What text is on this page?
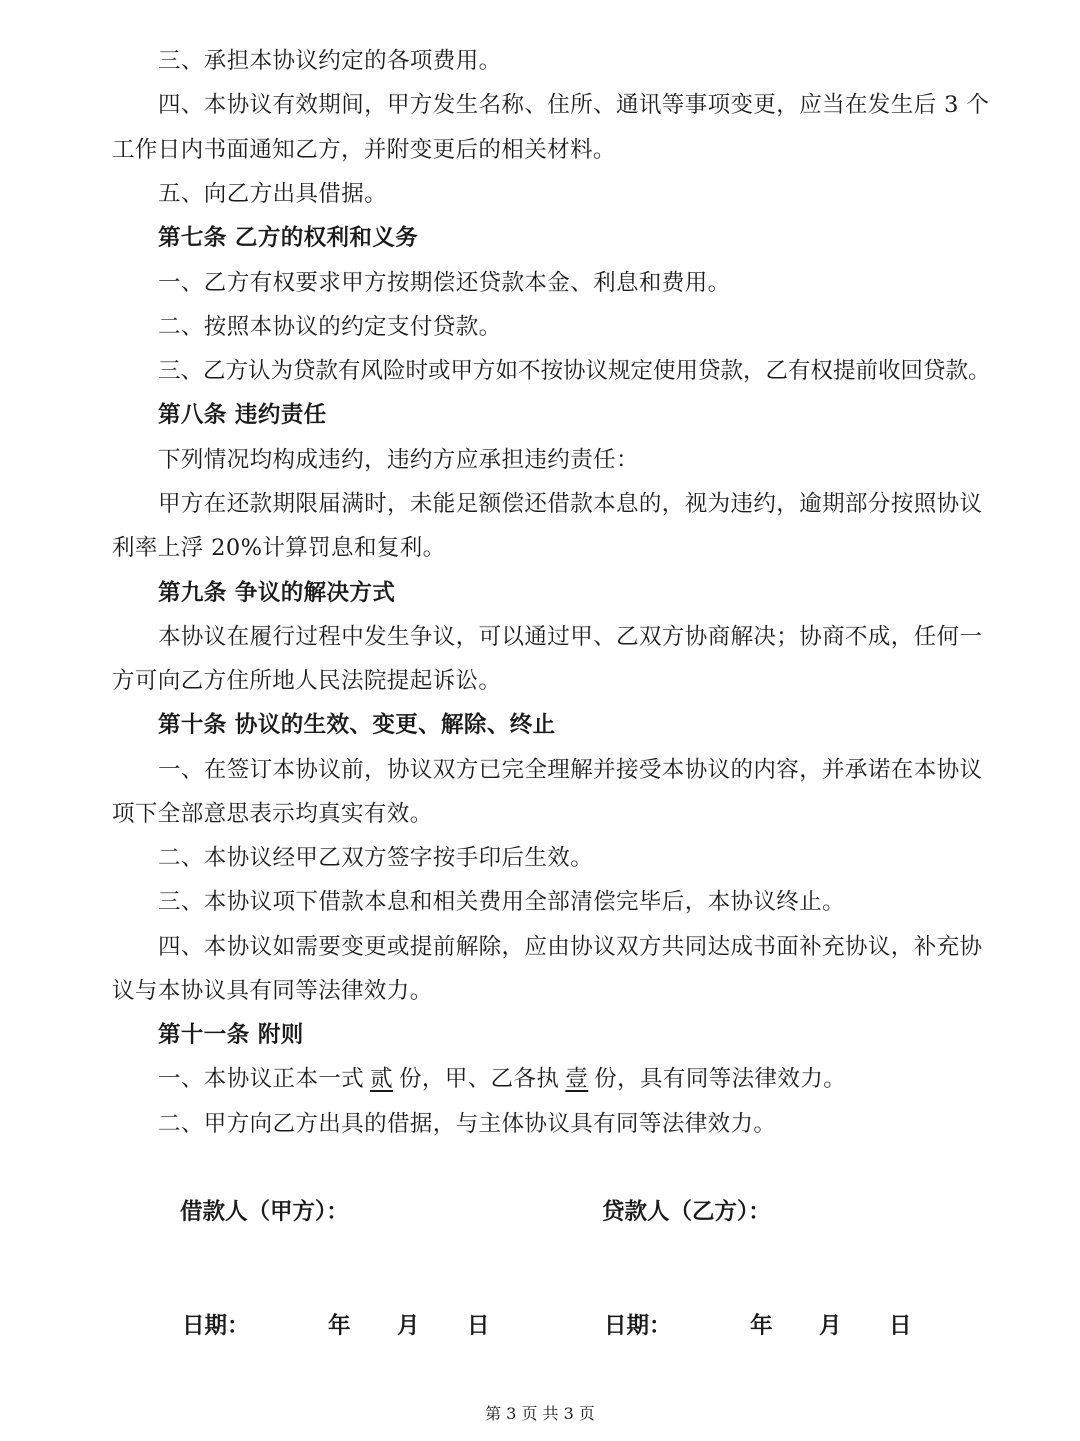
三、承担本协议约定的各项费用。
四、本协议有效期间，甲方发生名称、住所、通讯等事项变更，应当在发生后 3 个
工作日内书面通知乙方，并附变更后的相关材料。
五、向乙方出具借据。
第七条 乙方的权利和义务
一、乙方有权要求甲方按期偿还贷款本金、利息和费用。
二、按照本协议的约定支付贷款。
三、乙方认为贷款有风险时或甲方如不按协议规定使用贷款，乙有权提前收回贷款。
第八条 违约责任
下列情况均构成违约，违约方应承担违约责任：
甲方在还款期限届满时，未能足额偿还借款本息的，视为违约，逾期部分按照协议
利率上浮 20%计算罚息和复利。
第九条 争议的解决方式
本协议在履行过程中发生争议，可以通过甲、乙双方协商解决；协商不成，任何一
方可向乙方住所地人民法院提起诉讼。
第十条 协议的生效、变更、解除、终止
一、在签订本协议前，协议双方已完全理解并接受本协议的内容，并承诺在本协议
项下全部意思表示均真实有效。
二、本协议经甲乙双方签字按手印后生效。
三、本协议项下借款本息和相关费用全部清偿完毕后，本协议终止。
四、本协议如需要变更或提前解除，应由协议双方共同达成书面补充协议，补充协
议与本协议具有同等法律效力。
第十一条 附则
一、本协议正本一式 贰 份，甲、乙各执 壹 份，具有同等法律效力。
二、甲方向乙方出具的借据，与主体协议具有同等法律效力。
借款人（甲方）：	贷款人（乙方）：
日期：	年 月 日	日期：	年 月 日
第 3 页 共 3 页
